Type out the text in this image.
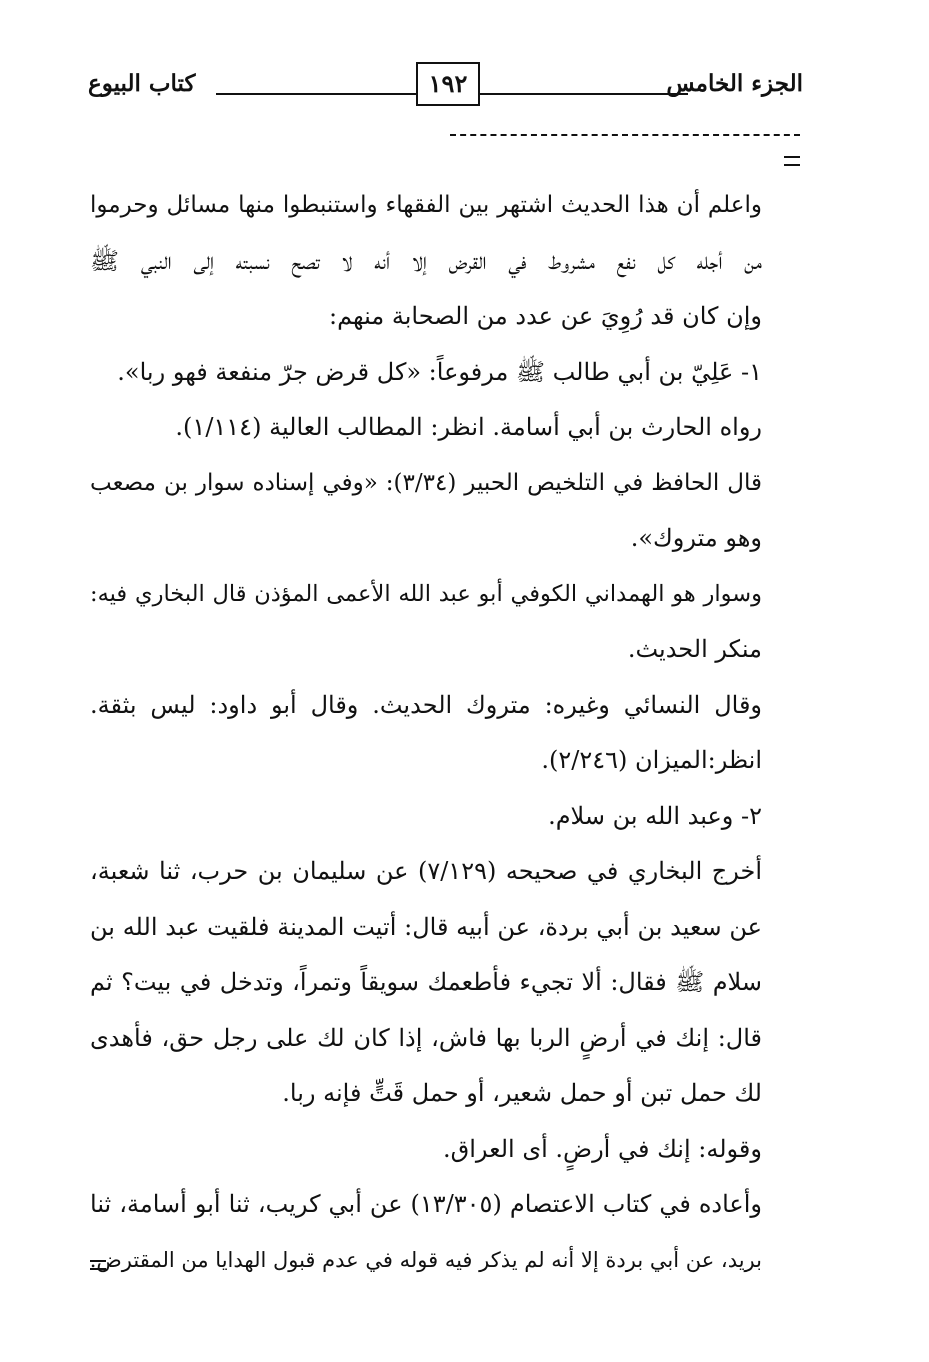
الجزء الخامس
١٩٢
كتاب البيوع
واعلم أن هذا الحديث اشتهر بين الفقهاء واستنبطوا منها مسائل وحرموا
من أجله كل نفع مشروط في القرض إلا أنه لا تصح نسبته إلى النبي ﷺ
وإن كان قد رُوِيَ عن عدد من الصحابة منهم:
١- عَلِيّ بن أبي طالب ﷺ مرفوعاً: «كل قرض جرّ منفعة فهو ربا».
رواه الحارث بن أبي أسامة. انظر: المطالب العالية (١/١١٤).
قال الحافظ في التلخيص الحبير (٣/٣٤): «وفي إسناده سوار بن مصعب
وهو متروك».
وسوار هو الهمداني الكوفي أبو عبد الله الأعمى المؤذن قال البخاري فيه:
منكر الحديث.
وقال النسائي وغيره: متروك الحديث. وقال أبو داود: ليس بثقة.
انظر:الميزان (٢/٢٤٦).
٢- وعبد الله بن سلام.
أخرج البخاري في صحيحه (٧/١٢٩) عن سليمان بن حرب، ثنا شعبة،
عن سعيد بن أبي بردة، عن أبيه قال: أتيت المدينة فلقيت عبد الله بن
سلام ﷺ فقال: ألا تجيء فأطعمك سويقاً وتمراً، وتدخل في بيت؟ ثم
قال: إنك في أرضٍ الربا بها فاش، إذا كان لك على رجل حق، فأهدى
لك حمل تبن أو حمل شعير، أو حمل قَتٍّ فإنه ربا.
وقوله: إنك في أرضٍ. أى العراق.
وأعاده في كتاب الاعتصام (١٣/٣٠٥) عن أبي كريب، ثنا أبو أسامة، ثنا
بريد، عن أبي بردة إلا أنه لم يذكر فيه قوله في عدم قبول الهدايا من المقترض.
